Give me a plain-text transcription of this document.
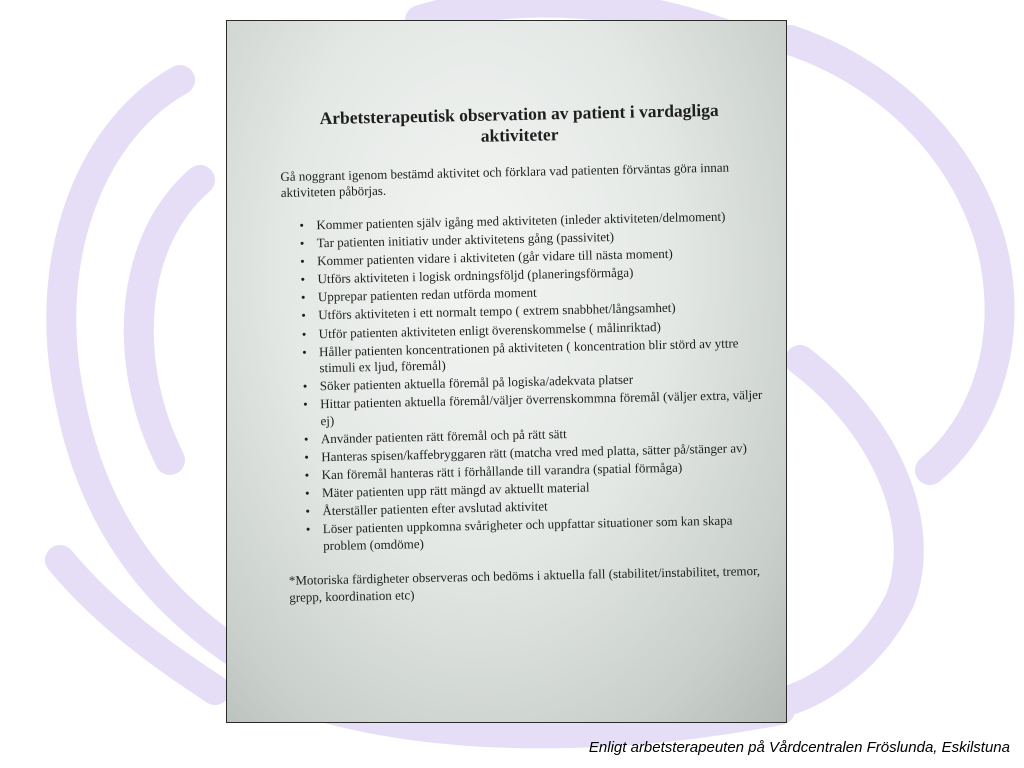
Arbetsterapeutisk observation av patient i vardagliga aktiviteter

Gå noggrant igenom bestämd aktivitet och förklara vad patienten förväntas göra innan aktiviteten påbörjas.

• Kommer patienten själv igång med aktiviteten (inleder aktiviteten/delmoment)
• Tar patienten initiativ under aktivitetens gång (passivitet)
• Kommer patienten vidare i aktiviteten (går vidare till nästa moment)
• Utförs aktiviteten i logisk ordningsföljd (planeringsförmåga)
• Upprepar patienten redan utförda moment
• Utförs aktiviteten i ett normalt tempo ( extrem snabbhet/långsamhet)
• Utför patienten aktiviteten enligt överenskommelse ( målinriktad)
• Håller patienten koncentrationen på aktiviteten ( koncentration blir störd av yttre stimuli ex ljud, föremål)
• Söker patienten aktuella föremål på logiska/adekvata platser
• Hittar patienten aktuella föremål/väljer överrenskommna föremål (väljer extra, väljer ej)
• Använder patienten rätt föremål och på rätt sätt
• Hanteras spisen/kaffebryggaren rätt (matcha vred med platta, sätter på/stänger av)
• Kan föremål hanteras rätt i förhållande till varandra (spatial förmåga)
• Mäter patienten upp rätt mängd av aktuellt material
• Återställer patienten efter avslutad aktivitet
• Löser patienten uppkomna svårigheter och uppfattar situationer som kan skapa problem (omdöme)

*Motoriska färdigheter observeras och bedöms i aktuella fall (stabilitet/instabilitet, tremor, grepp, koordination etc)

Enligt arbetsterapeuten på Vårdcentralen Fröslunda, Eskilstuna
